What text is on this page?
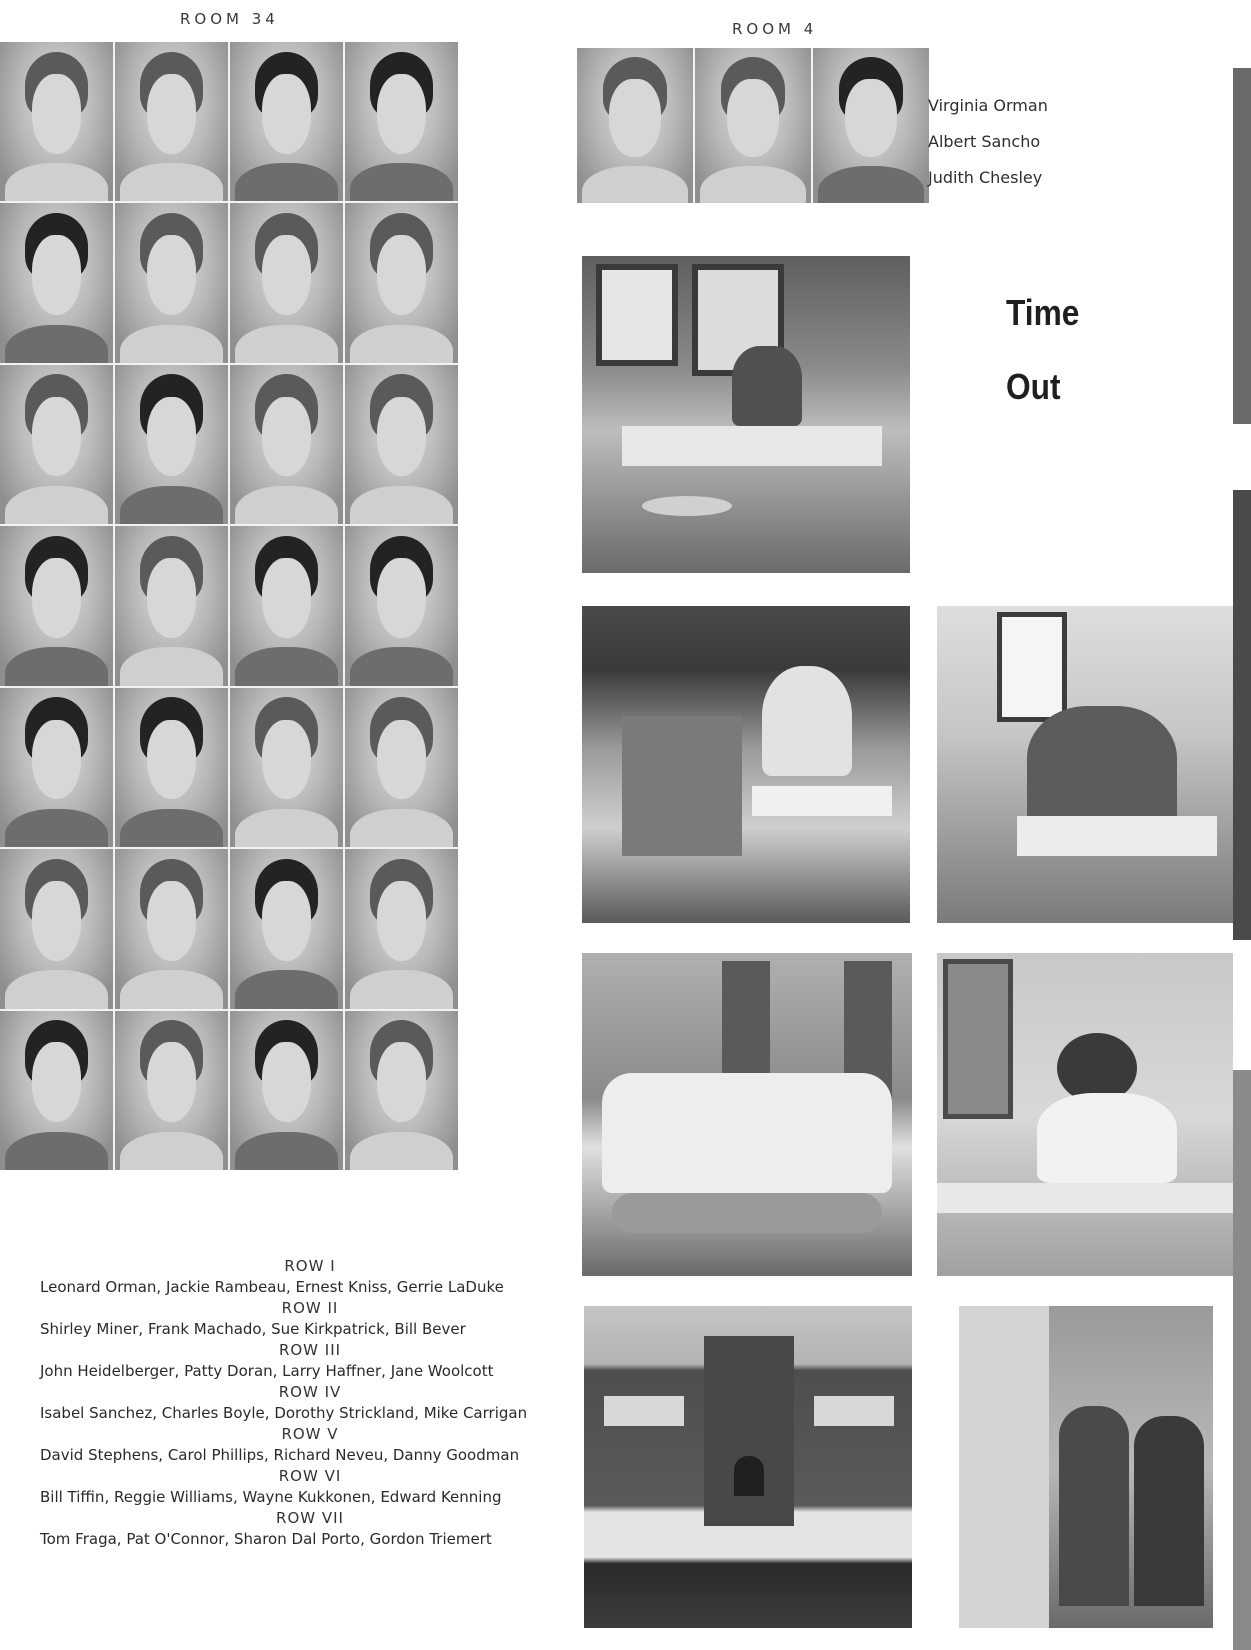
ROOM 34
ROW I
Leonard Orman, Jackie Rambeau, Ernest Kniss, Gerrie LaDuke
ROW II
Shirley Miner, Frank Machado, Sue Kirkpatrick, Bill Bever
ROW III
John Heidelberger, Patty Doran, Larry Haffner, Jane Woolcott
ROW IV
Isabel Sanchez, Charles Boyle, Dorothy Strickland, Mike Carrigan
ROW V
David Stephens, Carol Phillips, Richard Neveu, Danny Goodman
ROW VI
Bill Tiffin, Reggie Williams, Wayne Kukkonen, Edward Kenning
ROW VII
Tom Fraga, Pat O'Connor, Sharon Dal Porto, Gordon Triemert
ROOM 4
Virginia Orman
Albert Sancho
Judith Chesley
Time
Out
